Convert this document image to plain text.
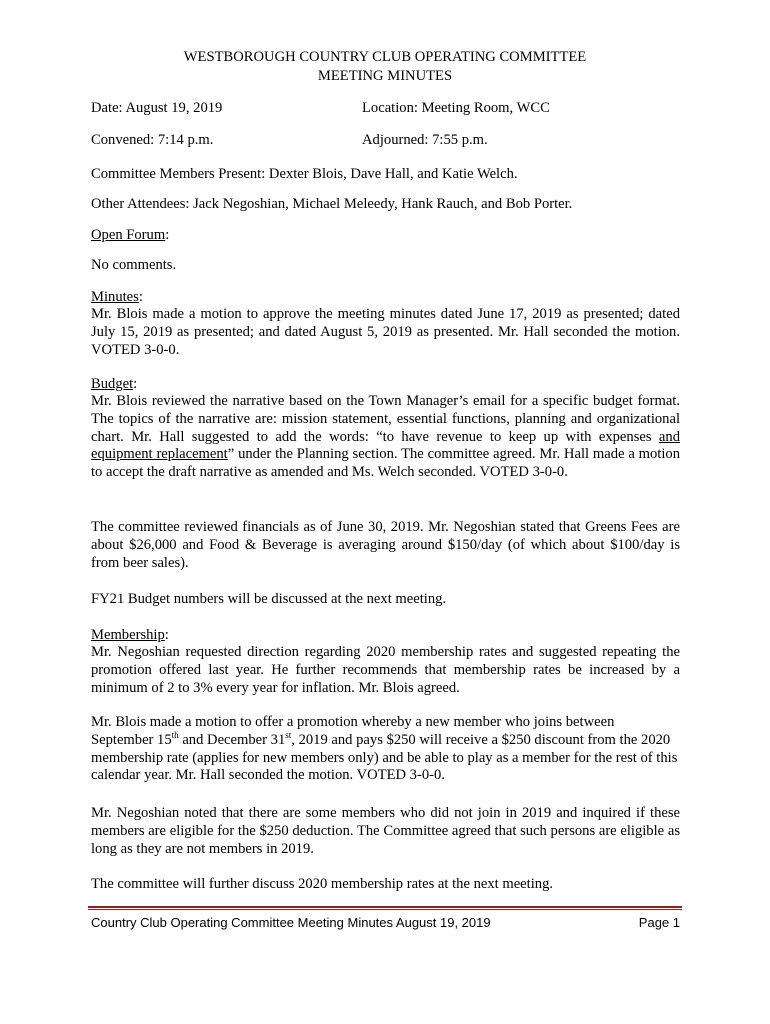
WESTBOROUGH COUNTRY CLUB OPERATING COMMITTEE
MEETING MINUTES
Date: August 19, 2019	Location: Meeting Room, WCC
Convened: 7:14 p.m.	Adjourned: 7:55 p.m.
Committee Members Present: Dexter Blois, Dave Hall, and Katie Welch.
Other Attendees: Jack Negoshian, Michael Meleedy, Hank Rauch, and Bob Porter.
Open Forum:
No comments.
Minutes:
Mr. Blois made a motion to approve the meeting minutes dated June 17, 2019 as presented; dated July 15, 2019 as presented; and dated August 5, 2019 as presented. Mr. Hall seconded the motion. VOTED 3-0-0.
Budget:
Mr. Blois reviewed the narrative based on the Town Manager’s email for a specific budget format. The topics of the narrative are: mission statement, essential functions, planning and organizational chart. Mr. Hall suggested to add the words: “to have revenue to keep up with expenses and equipment replacement” under the Planning section. The committee agreed. Mr. Hall made a motion to accept the draft narrative as amended and Ms. Welch seconded. VOTED 3-0-0.
The committee reviewed financials as of June 30, 2019. Mr. Negoshian stated that Greens Fees are about $26,000 and Food & Beverage is averaging around $150/day (of which about $100/day is from beer sales).
FY21 Budget numbers will be discussed at the next meeting.
Membership:
Mr. Negoshian requested direction regarding 2020 membership rates and suggested repeating the promotion offered last year. He further recommends that membership rates be increased by a minimum of 2 to 3% every year for inflation. Mr. Blois agreed.
Mr. Blois made a motion to offer a promotion whereby a new member who joins between September 15th and December 31st, 2019 and pays $250 will receive a $250 discount from the 2020 membership rate (applies for new members only) and be able to play as a member for the rest of this calendar year. Mr. Hall seconded the motion. VOTED 3-0-0.
Mr. Negoshian noted that there are some members who did not join in 2019 and inquired if these members are eligible for the $250 deduction. The Committee agreed that such persons are eligible as long as they are not members in 2019.
The committee will further discuss 2020 membership rates at the next meeting.
Country Club Operating Committee Meeting Minutes August 19, 2019	Page 1
